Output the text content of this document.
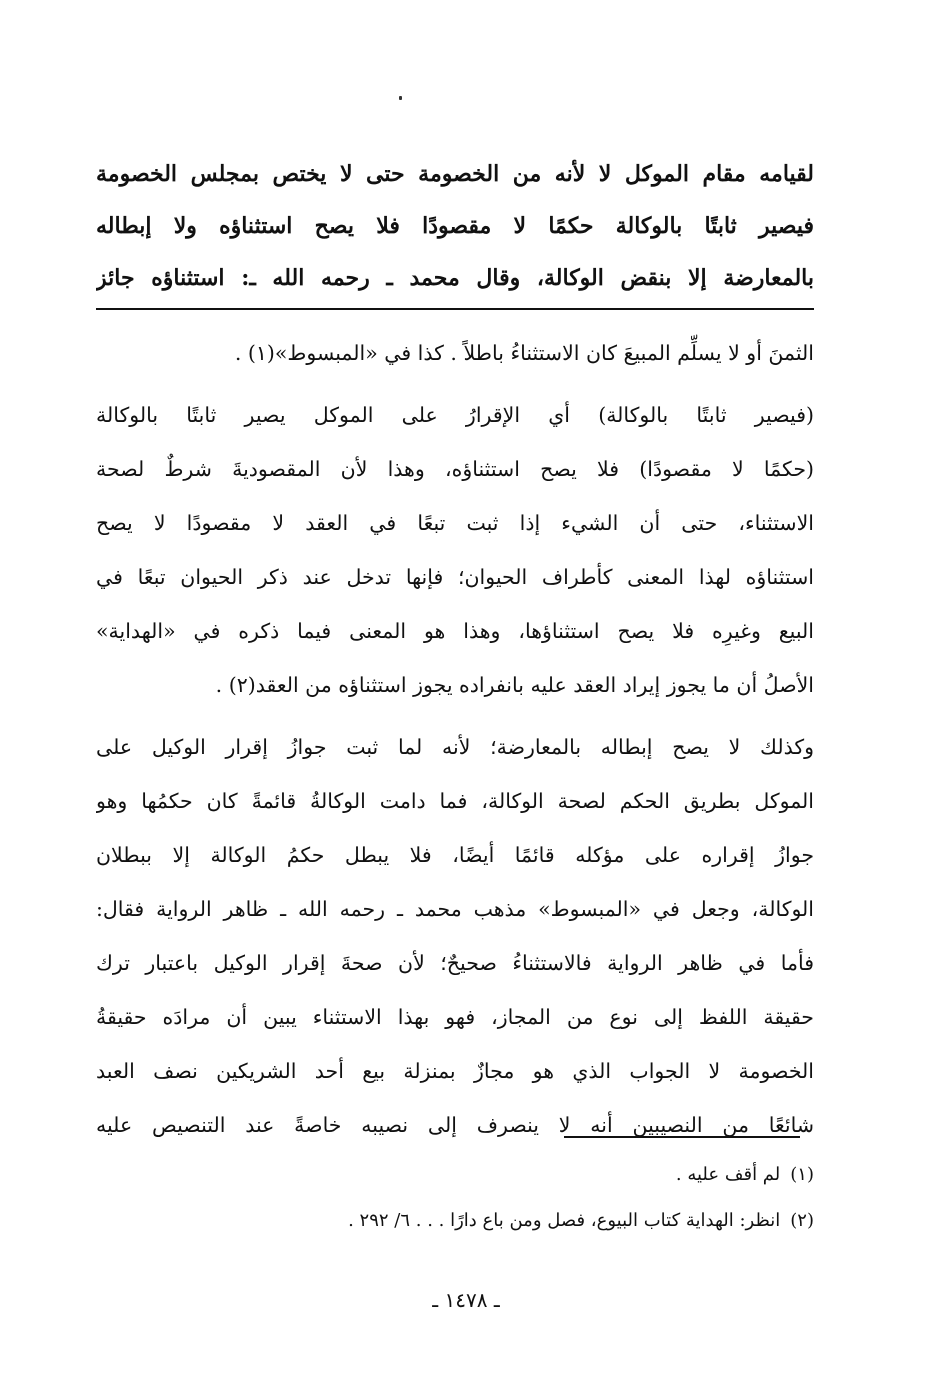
لقيامه مقام الموكل لا لأنه من الخصومة حتى لا يختص بمجلس الخصومة
فيصير ثابتًا بالوكالة حكمًا لا مقصودًا فلا يصح استثناؤه ولا إبطاله
بالمعارضة إلا بنقض الوكالة، وقال محمد ـ رحمه الله ـ: استثناؤه جائز
الثمنَ أو لا يسلِّم المبيعَ كان الاستثناءُ باطلاً . كذا في «المبسوط»(١) .
(فيصير ثابتًا بالوكالة) أي الإقرارُ على الموكل يصير ثابتًا بالوكالة
(حكمًا لا مقصودًا) فلا يصح استثناؤه، وهذا لأن المقصوديةَ شرطٌ لصحة
الاستثناء، حتى أن الشيء إذا ثبت تبعًا في العقد لا مقصودًا لا يصح
استثناؤه لهذا المعنى كأطراف الحيوان؛ فإنها تدخل عند ذكر الحيوان تبعًا في
البيع وغيرِه فلا يصح استثناؤها، وهذا هو المعنى فيما ذكره في «الهداية»
الأصلُ أن ما يجوز إيراد العقد عليه بانفراده يجوز استثناؤه من العقد(٢) .
وكذلك لا يصح إبطاله بالمعارضة؛ لأنه لما ثبت جوازُ إقرار الوكيل على
الموكل بطريق الحكم لصحة الوكالة، فما دامت الوكالةُ قائمةً كان حكمُها وهو
جوازُ إقراره على مؤكله قائمًا أيضًا، فلا يبطل حكمُ الوكالة إلا ببطلان
الوكالة، وجعل في «المبسوط» مذهب محمد ـ رحمه الله ـ ظاهر الرواية فقال:
فأما في ظاهر الرواية فالاستثناءُ صحيحٌ؛ لأن صحةَ إقرار الوكيل باعتبار ترك
حقيقة اللفظ إلى نوع من المجاز، فهو بهذا الاستثناء يبين أن مرادَه حقيقةُ
الخصومة لا الجواب الذي هو مجازٌ بمنزلة بيع أحد الشريكين نصف العبد
شائعًا من النصيبين أنه لا ينصرف إلى نصيبه خاصةً عند التنصيص عليه
(١)لم أقف عليه .
(٢)انظر: الهداية كتاب البيوع، فصل ومن باع دارًا . . . ٦/ ٢٩٢ .
ـ ١٤٧٨ ـ
